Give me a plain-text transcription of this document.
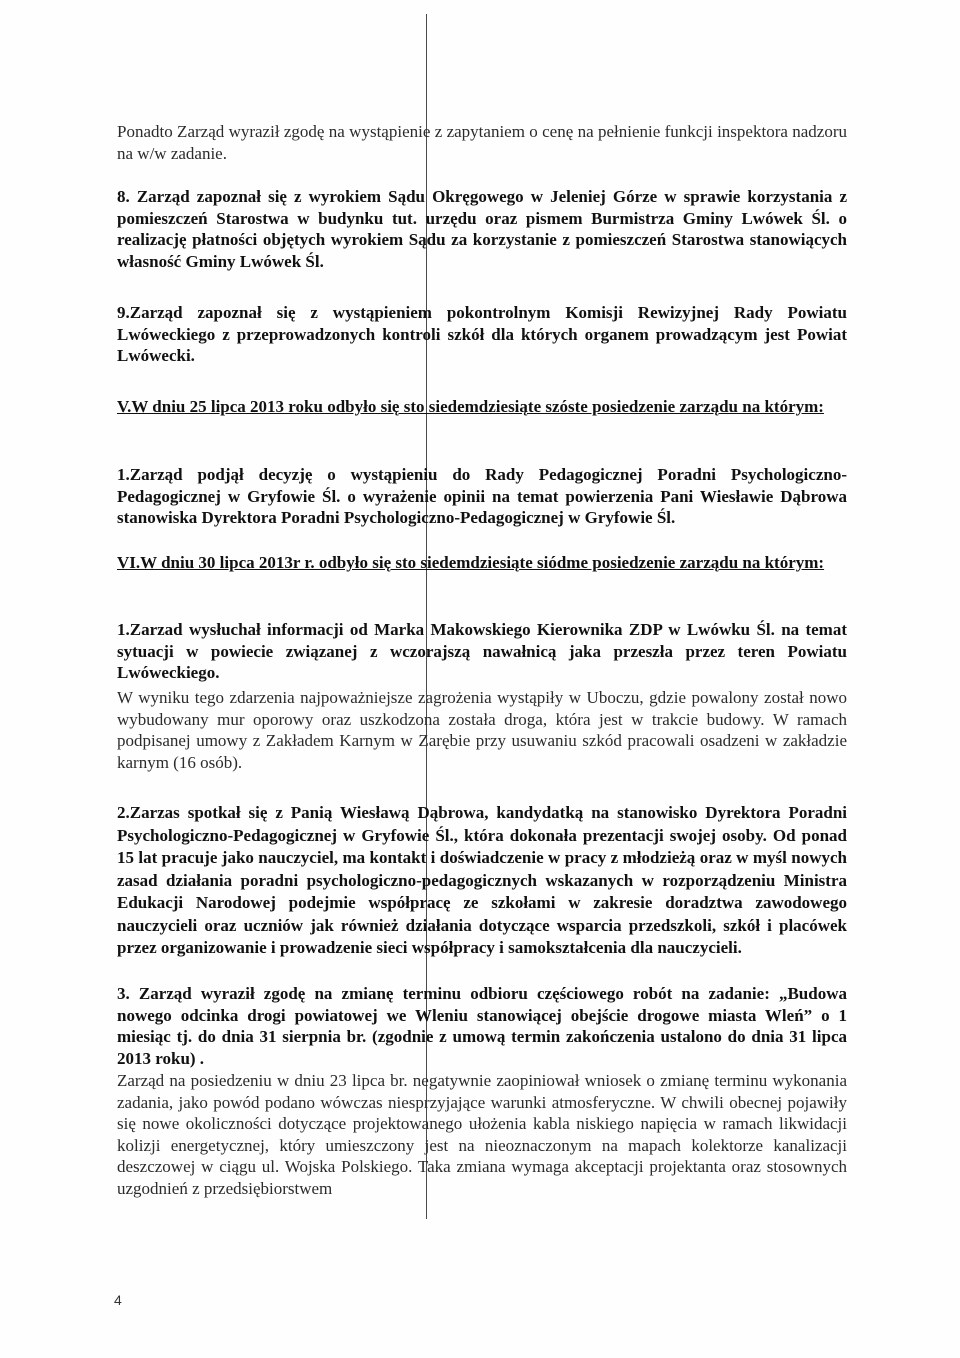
Ponadto Zarząd wyraził zgodę na wystąpienie z zapytaniem o cenę na pełnienie funkcji inspektora nadzoru na w/w zadanie.

8. Zarząd zapoznał się z wyrokiem Sądu Okręgowego w Jeleniej Górze w sprawie korzystania z pomieszczeń Starostwa w budynku tut. urzędu oraz pismem Burmistrza Gminy Lwówek Śl. o realizację płatności objętych wyrokiem Sądu za korzystanie z pomieszczeń Starostwa stanowiących własność Gminy Lwówek Śl.

9.Zarząd zapoznał się z wystąpieniem pokontrolnym Komisji Rewizyjnej Rady Powiatu Lwóweckiego z przeprowadzonych kontroli szkół dla których organem prowadzącym jest Powiat Lwówecki.

V.W dniu 25 lipca 2013 roku odbyło się sto siedemdziesiąte szóste posiedzenie zarządu na którym:

1.Zarząd podjął decyzję o wystąpieniu do Rady Pedagogicznej Poradni Psychologiczno-Pedagogicznej w Gryfowie Śl. o wyrażenie opinii na temat powierzenia Pani Wiesławie Dąbrowa stanowiska Dyrektora Poradni Psychologiczno-Pedagogicznej w Gryfowie Śl.

VI.W dniu 30 lipca 2013r r. odbyło się sto siedemdziesiąte siódme posiedzenie zarządu na którym:

1.Zarzad wysłuchał informacji od Marka Makowskiego Kierownika ZDP w Lwówku Śl. na temat sytuacji w powiecie związanej z wczorajszą nawałnicą jaka przeszła przez teren Powiatu Lwóweckiego.

W wyniku tego zdarzenia najpoważniejsze zagrożenia wystąpiły w Uboczu, gdzie powalony został nowo wybudowany mur oporowy oraz uszkodzona została droga, która jest w trakcie budowy. W ramach podpisanej umowy z Zakładem Karnym w Zarębie przy usuwaniu szkód pracowali osadzeni w zakładzie karnym (16 osób).

2.Zarzas spotkał się z Panią Wiesławą Dąbrowa, kandydatką na stanowisko Dyrektora Poradni Psychologiczno-Pedagogicznej w Gryfowie Śl., która dokonała prezentacji swojej osoby. Od ponad 15 lat pracuje jako nauczyciel, ma kontakt i doświadczenie w pracy z młodzieżą oraz w myśl nowych zasad działania poradni psychologiczno-pedagogicznych wskazanych w rozporządzeniu Ministra Edukacji Narodowej podejmie współpracę ze szkołami w zakresie doradztwa zawodowego nauczycieli oraz uczniów jak również działania dotyczące wsparcia przedszkoli, szkół i placówek przez organizowanie i prowadzenie sieci współpracy i samokształcenia dla nauczycieli.

3. Zarząd wyraził zgodę na zmianę terminu odbioru częściowego robót na zadanie: „Budowa nowego odcinka drogi powiatowej we Wleniu stanowiącej obejście drogowe miasta Wleń” o 1 miesiąc tj. do dnia 31 sierpnia br. (zgodnie z umową termin zakończenia ustalono do dnia 31 lipca 2013 roku) .

Zarząd na posiedzeniu w dniu 23 lipca br. negatywnie zaopiniował wniosek o zmianę terminu wykonania zadania, jako powód podano wówczas niesprzyjające warunki atmosferyczne. W chwili obecnej pojawiły się nowe okoliczności dotyczące projektowanego ułożenia kabla niskiego napięcia w ramach likwidacji kolizji energetycznej, który umieszczony jest na nieoznaczonym na mapach kolektorze kanalizacji deszczowej w ciągu ul. Wojska Polskiego. Taka zmiana wymaga akceptacji projektanta oraz stosownych uzgodnień z przedsiębiorstwem

4
